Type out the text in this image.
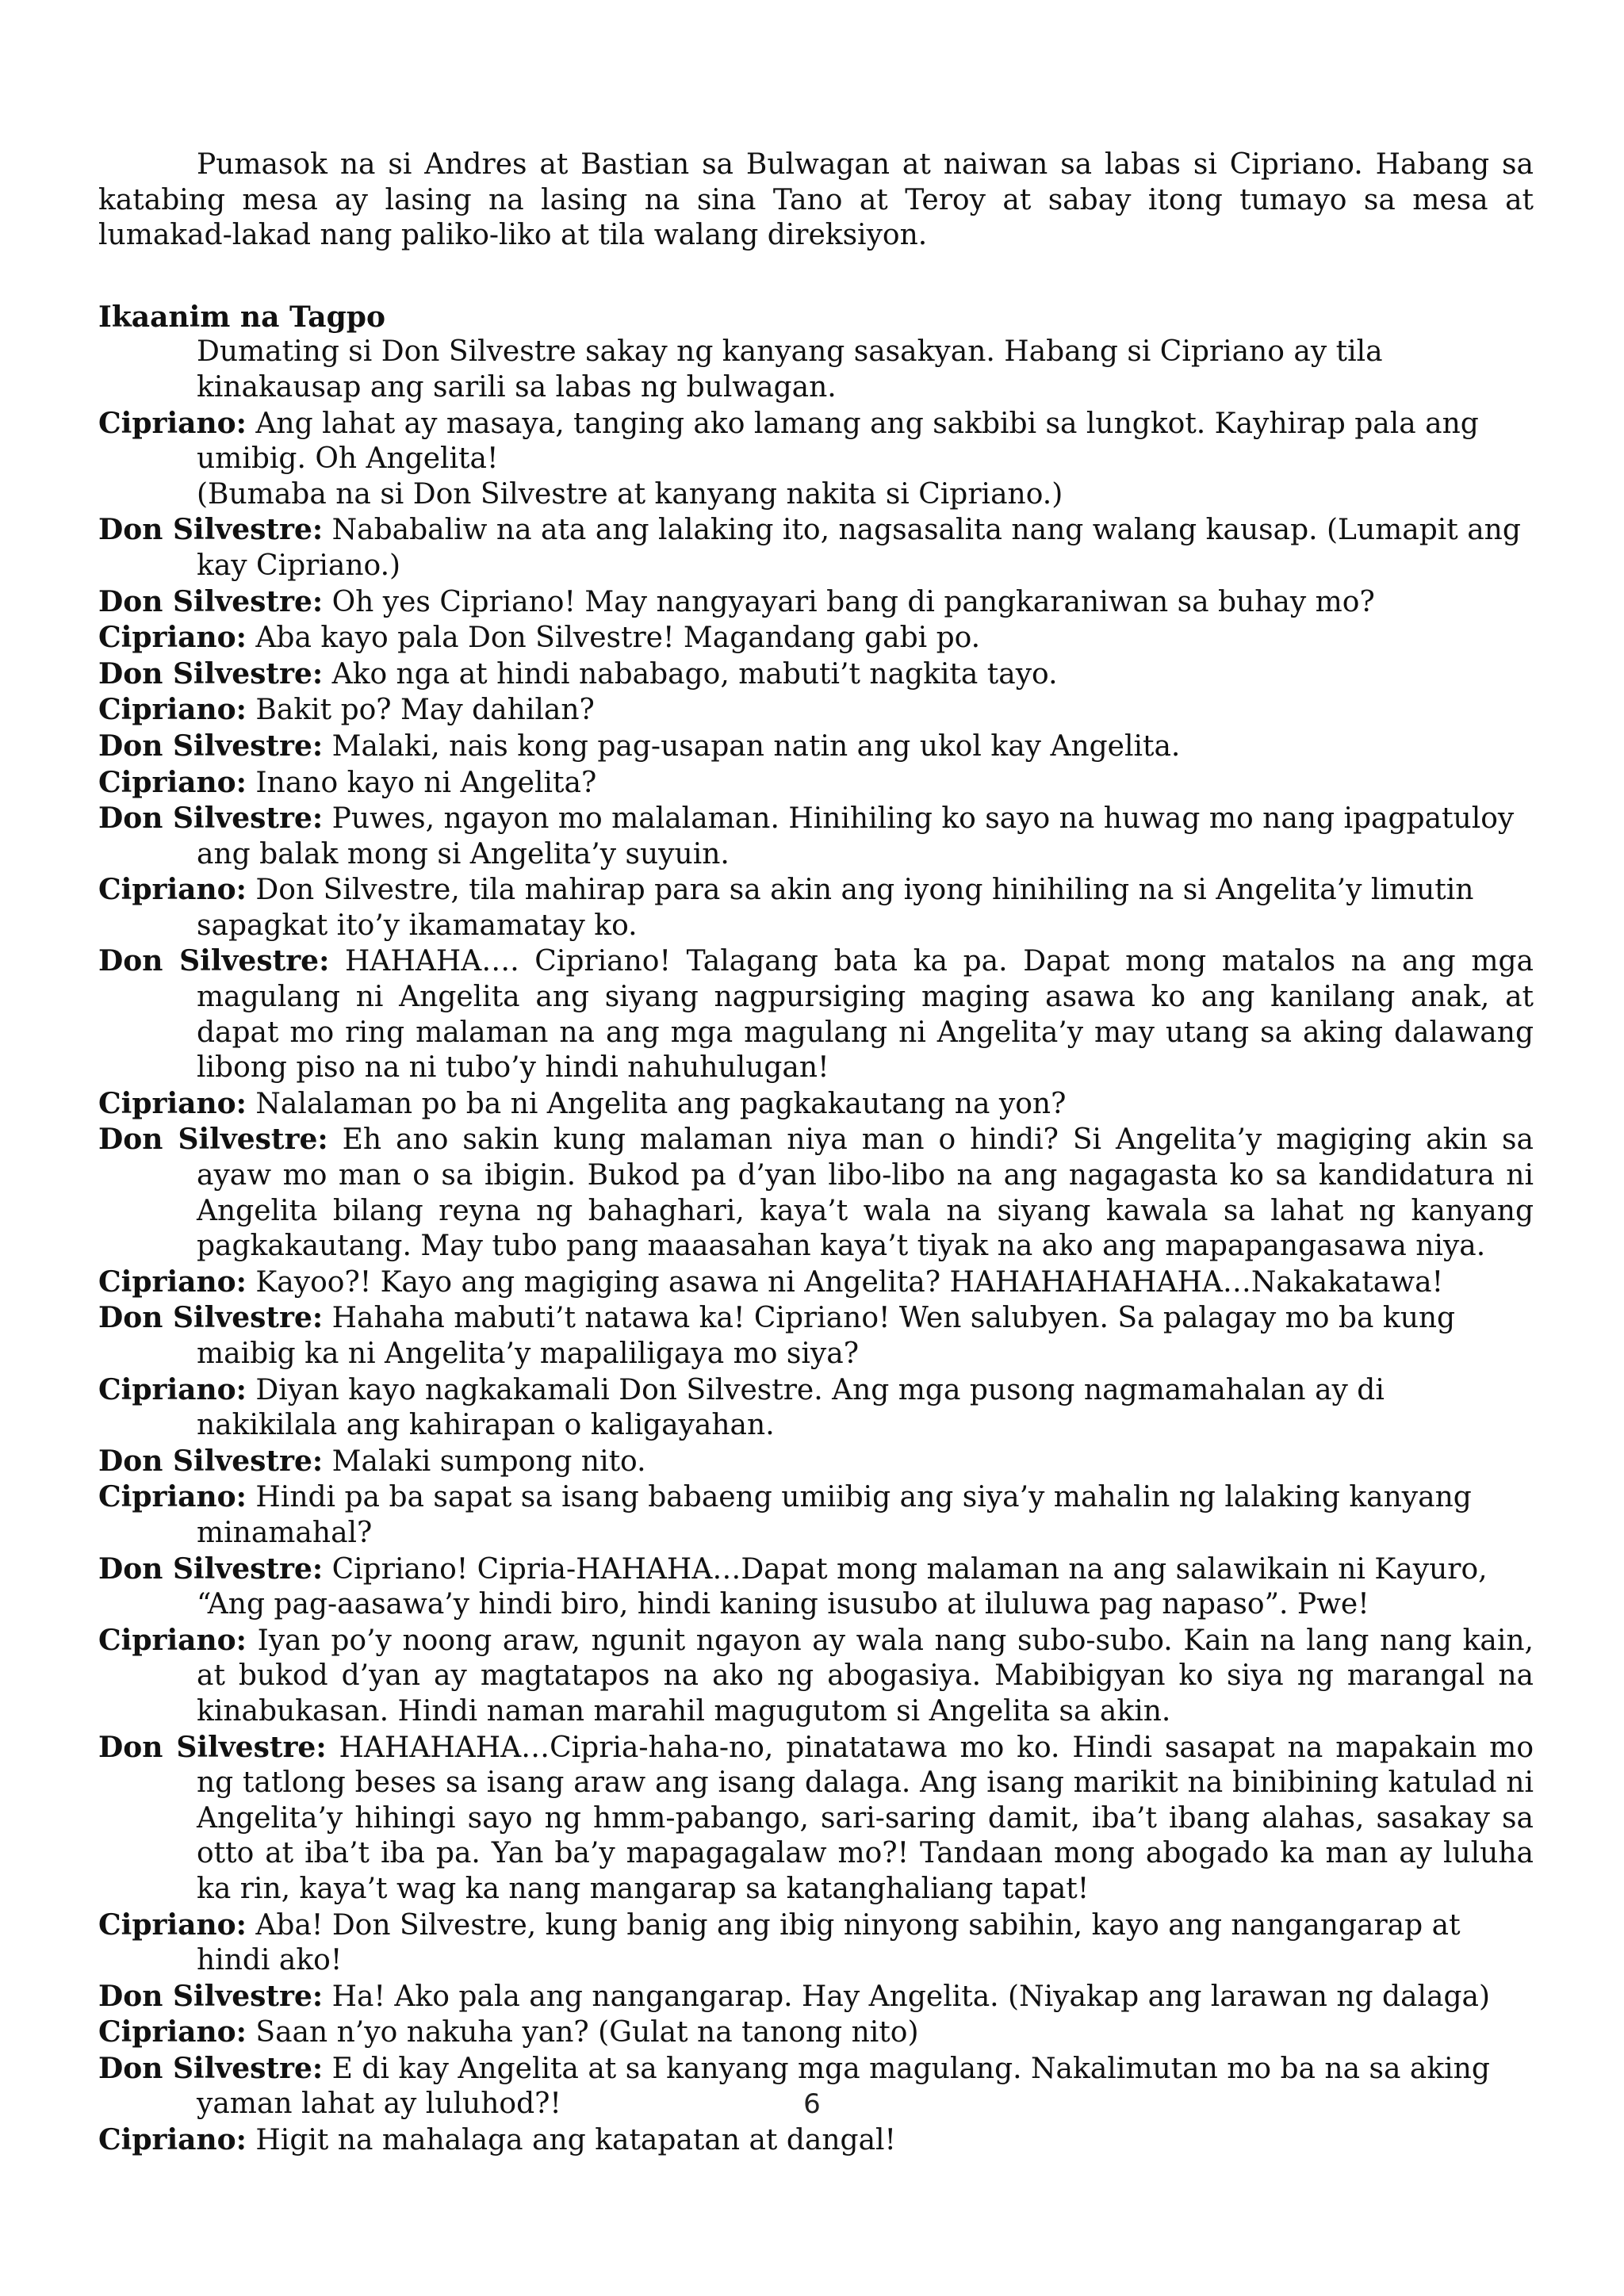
Pumasok na si Andres at Bastian sa Bulwagan at naiwan sa labas si Cipriano. Habang sa katabing mesa ay lasing na lasing na sina Tano at Teroy at sabay itong tumayo sa mesa at lumakad-lakad nang paliko-liko at tila walang direksiyon.

Ikaanim na Tagpo

Dumating si Don Silvestre sakay ng kanyang sasakyan. Habang si Cipriano ay tila kinakausap ang sarili sa labas ng bulwagan.

Cipriano: Ang lahat ay masaya, tanging ako lamang ang sakbibi sa lungkot. Kayhirap pala ang umibig. Oh Angelita!

(Bumaba na si Don Silvestre at kanyang nakita si Cipriano.)

Don Silvestre: Nababaliw na ata ang lalaking ito, nagsasalita nang walang kausap. (Lumapit ang kay Cipriano.)

Don Silvestre: Oh yes Cipriano! May nangyayari bang di pangkaraniwan sa buhay mo?

Cipriano: Aba kayo pala Don Silvestre! Magandang gabi po.

Don Silvestre: Ako nga at hindi nababago, mabuti’t nagkita tayo.

Cipriano: Bakit po? May dahilan?

Don Silvestre: Malaki, nais kong pag-usapan natin ang ukol kay Angelita.

Cipriano: Inano kayo ni Angelita?

Don Silvestre: Puwes, ngayon mo malalaman. Hinihiling ko sayo na huwag mo nang ipagpatuloy ang balak mong si Angelita’y suyuin.

Cipriano: Don Silvestre, tila mahirap para sa akin ang iyong hinihiling na si Angelita’y limutin sapagkat ito’y ikamamatay ko.

Don Silvestre: HAHAHA…. Cipriano! Talagang bata ka pa. Dapat mong matalos na ang mga magulang ni Angelita ang siyang nagpursiging maging asawa ko ang kanilang anak, at dapat mo ring malaman na ang mga magulang ni Angelita’y may utang sa aking dalawang libong piso na ni tubo’y hindi nahuhulugan!

Cipriano: Nalalaman po ba ni Angelita ang pagkakautang na yon?

Don Silvestre: Eh ano sakin kung malaman niya man o hindi? Si Angelita’y magiging akin sa ayaw mo man o sa ibigin. Bukod pa d’yan libo-libo na ang nagagasta ko sa kandidatura ni Angelita bilang reyna ng bahaghari, kaya’t wala na siyang kawala sa lahat ng kanyang pagkakautang. May tubo pang maaasahan kaya’t tiyak na ako ang mapapangasawa niya.

Cipriano: Kayoo?! Kayo ang magiging asawa ni Angelita? HAHAHAHAHAHA…Nakakatawa!

Don Silvestre: Hahaha mabuti’t natawa ka! Cipriano! Wen salubyen. Sa palagay mo ba kung maibig ka ni Angelita’y mapaliligaya mo siya?

Cipriano: Diyan kayo nagkakamali Don Silvestre. Ang mga pusong nagmamahalan ay di nakikilala ang kahirapan o kaligayahan.

Don Silvestre: Malaki sumpong nito.

Cipriano: Hindi pa ba sapat sa isang babaeng umiibig ang siya’y mahalin ng lalaking kanyang minamahal?

Don Silvestre: Cipriano! Cipria-HAHAHA…Dapat mong malaman na ang salawikain ni Kayuro, “Ang pag-aasawa’y hindi biro, hindi kaning isusubo at iluluwa pag napaso”. Pwe!

Cipriano: Iyan po’y noong araw, ngunit ngayon ay wala nang subo-subo. Kain na lang nang kain, at bukod d’yan ay magtatapos na ako ng abogasiya. Mabibigyan ko siya ng marangal na kinabukasan. Hindi naman marahil magugutom si Angelita sa akin.

Don Silvestre: HAHAHAHA…Cipria-haha-no, pinatatawa mo ko. Hindi sasapat na mapakain mo ng tatlong beses sa isang araw ang isang dalaga. Ang isang marikit na binibining katulad ni Angelita’y hihingi sayo ng hmm-pabango, sari-saring damit, iba’t ibang alahas, sasakay sa otto at iba’t iba pa. Yan ba’y mapagagalaw mo?! Tandaan mong abogado ka man ay luluha ka rin, kaya’t wag ka nang mangarap sa katanghaliang tapat!

Cipriano: Aba! Don Silvestre, kung banig ang ibig ninyong sabihin, kayo ang nangangarap at hindi ako!

Don Silvestre: Ha! Ako pala ang nangangarap. Hay Angelita. (Niyakap ang larawan ng dalaga)

Cipriano: Saan n’yo nakuha yan? (Gulat na tanong nito)

Don Silvestre: E di kay Angelita at sa kanyang mga magulang. Nakalimutan mo ba na sa aking yaman lahat ay luluhod?!

Cipriano: Higit na mahalaga ang katapatan at dangal!

6
